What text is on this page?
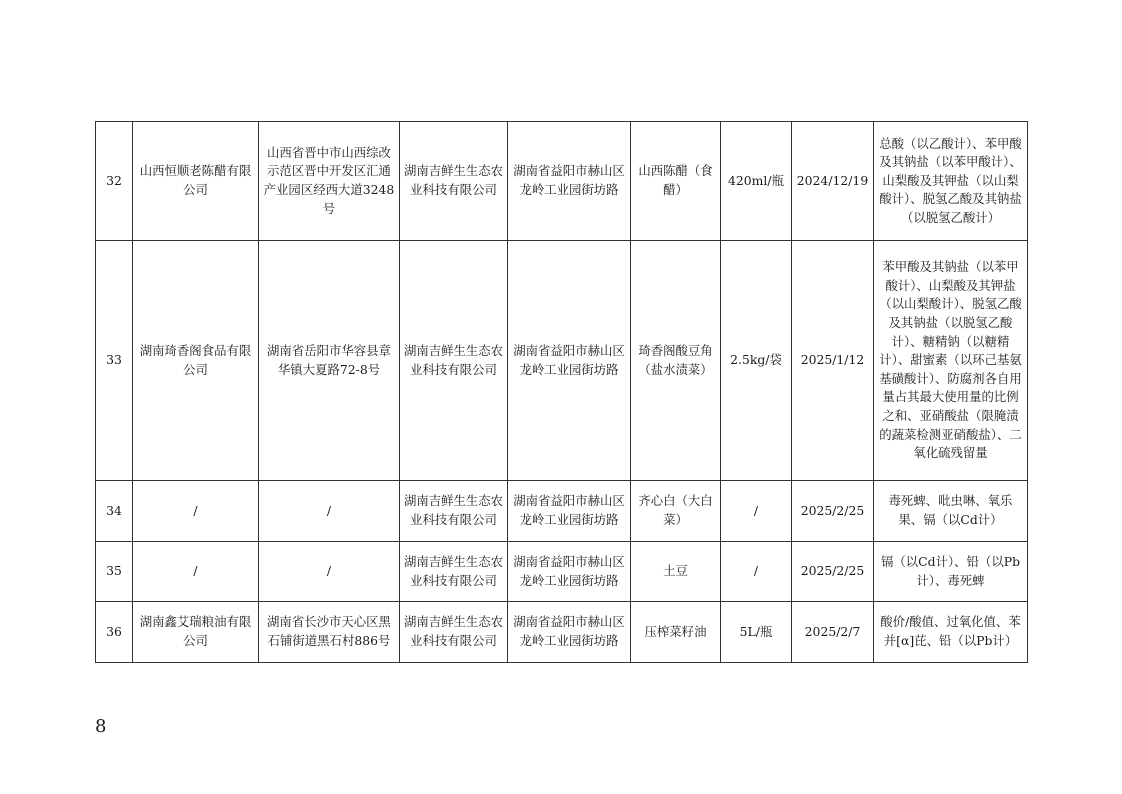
32	山西恒顺老陈醋有限公司	山西省晋中市山西综改示范区晋中开发区汇通产业园区经西大道3248号	湖南吉鲜生生态农业科技有限公司	湖南省益阳市赫山区龙岭工业园街坊路	山西陈醋（食醋）	420ml/瓶	2024/12/19	总酸（以乙酸计）、苯甲酸及其钠盐（以苯甲酸计）、山梨酸及其钾盐（以山梨酸计）、脱氢乙酸及其钠盐（以脱氢乙酸计）
33	湖南琦香阁食品有限公司	湖南省岳阳市华容县章华镇大夏路72-8号	湖南吉鲜生生态农业科技有限公司	湖南省益阳市赫山区龙岭工业园街坊路	琦香阁酸豆角（盐水渍菜）	2.5kg/袋	2025/1/12	苯甲酸及其钠盐（以苯甲酸计）、山梨酸及其钾盐（以山梨酸计）、脱氢乙酸及其钠盐（以脱氢乙酸计）、糖精钠（以糖精计）、甜蜜素（以环己基氨基磺酸计）、防腐剂各自用量占其最大使用量的比例之和、亚硝酸盐（限腌渍的蔬菜检测亚硝酸盐）、二氧化硫残留量
34	/	/	湖南吉鲜生生态农业科技有限公司	湖南省益阳市赫山区龙岭工业园街坊路	齐心白（大白菜）	/	2025/2/25	毒死蜱、吡虫啉、氧乐果、镉（以Cd计）
35	/	/	湖南吉鲜生生态农业科技有限公司	湖南省益阳市赫山区龙岭工业园街坊路	土豆	/	2025/2/25	镉（以Cd计）、铅（以Pb计）、毒死蜱
36	湖南鑫艾瑞粮油有限公司	湖南省长沙市天心区黑石铺街道黑石村886号	湖南吉鲜生生态农业科技有限公司	湖南省益阳市赫山区龙岭工业园街坊路	压榨菜籽油	5L/瓶	2025/2/7	酸价/酸值、过氧化值、苯并[α]芘、铅（以Pb计）
8
